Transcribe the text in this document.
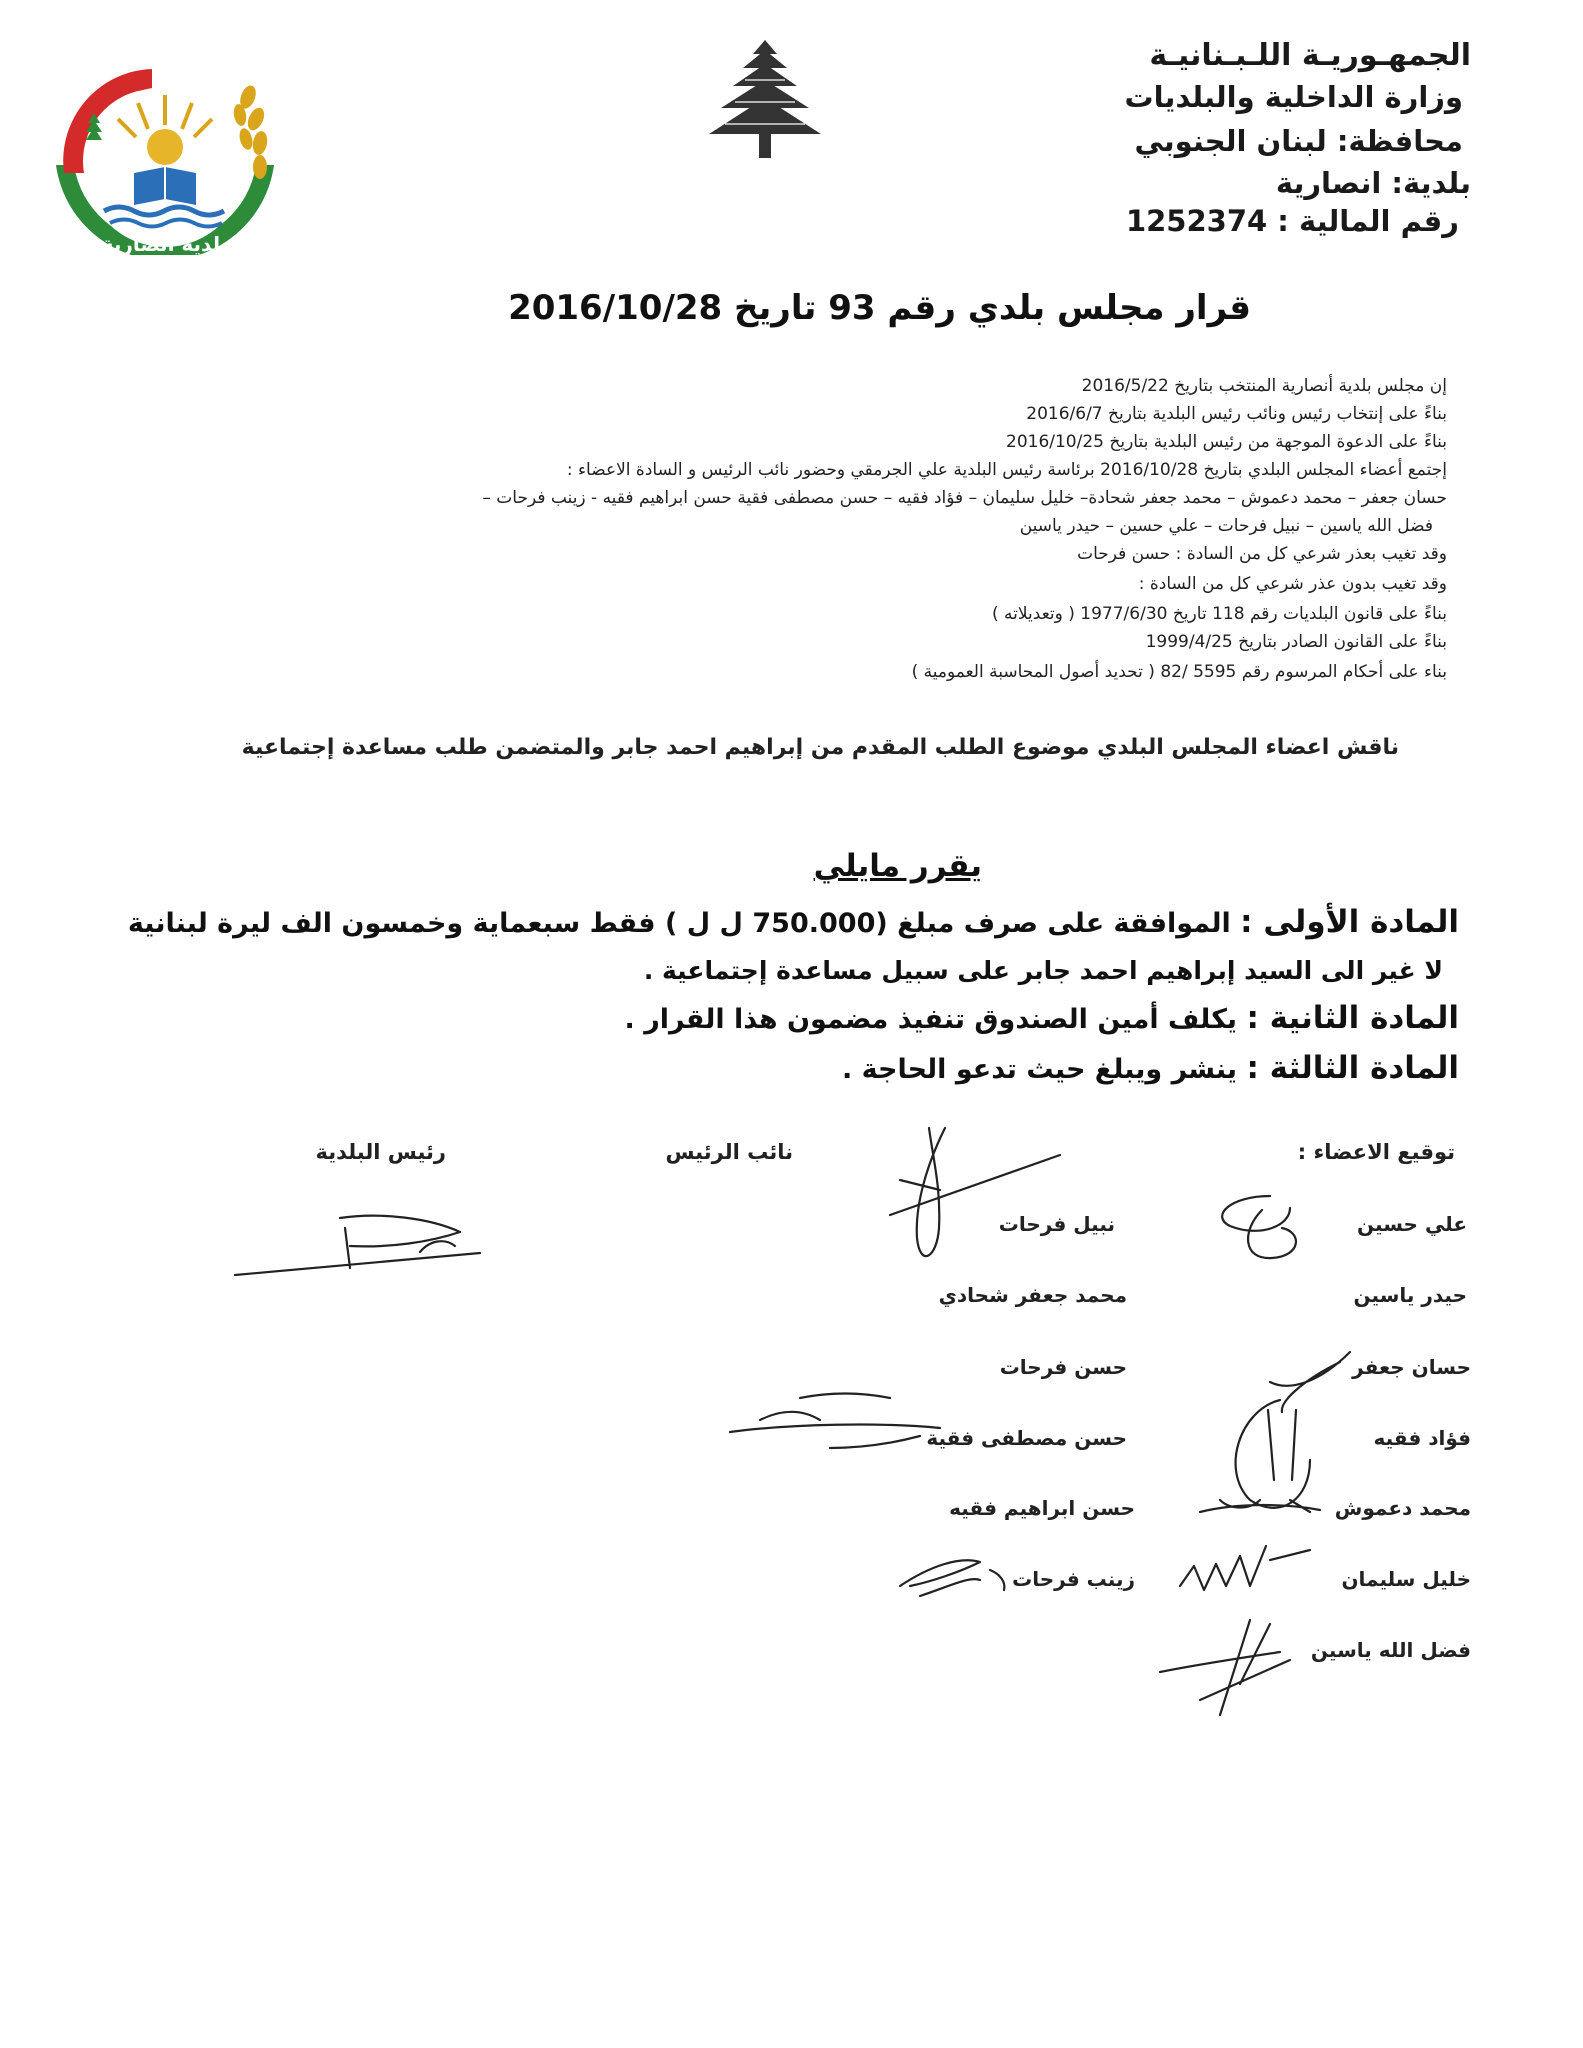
بلدية أنصارية
الجمهـوريـة اللـبـنانيـة
وزارة الداخلية والبلديات
محافظة: لبنان الجنوبي
بلدية: انصارية
رقم المالية : 1252374
قرار مجلس بلدي رقم 93 تاريخ 2016/10/28
إن مجلس بلدية أنصارية المنتخب بتاريخ 2016/5/22
بناءً على إنتخاب رئيس ونائب رئيس البلدية بتاريخ 2016/6/7
بناءً على الدعوة الموجهة من رئيس البلدية بتاريخ 2016/10/25
إجتمع أعضاء المجلس البلدي بتاريخ 2016/10/28 برئاسة رئيس البلدية علي الجرمقي وحضور نائب الرئيس و السادة الاعضاء :
حسان جعفر – محمد دعموش – محمد جعفر شحادة– خليل سليمان – فؤاد فقيه – حسن مصطفى فقية حسن ابراهيم فقيه - زينب فرحات –
فضل الله ياسين – نبيل فرحات – علي حسين – حيدر ياسين
وقد تغيب بعذر شرعي كل من السادة : حسن فرحات
وقد تغيب بدون عذر شرعي كل من السادة :
بناءً على قانون البلديات رقم 118 تاريخ 1977/6/30 ( وتعديلاته )
بناءً على القانون الصادر بتاريخ 1999/4/25
بناء على أحكام المرسوم رقم 5595 /82 ( تحديد أصول المحاسبة العمومية )
ناقش اعضاء المجلس البلدي موضوع الطلب المقدم من إبراهيم احمد جابر والمتضمن طلب مساعدة إجتماعية
يقرر مايلي
المادة الأولى : الموافقة على صرف مبلغ (750.000 ل ل ) فقط سبعماية وخمسون الف ليرة لبنانية
لا غير الى السيد إبراهيم احمد جابر على سبيل مساعدة إجتماعية .
المادة الثانية : يكلف أمين الصندوق تنفيذ مضمون هذا القرار .
المادة الثالثة : ينشر ويبلغ حيث تدعو الحاجة .
توقيع الاعضاء :
نائب الرئيس
رئيس البلدية
علي حسين
حيدر ياسين
حسان جعفر
فؤاد فقيه
محمد دعموش
خليل سليمان
فضل الله ياسين
نبيل فرحات
محمد جعفر شحادي
حسن فرحات
حسن مصطفى فقية
حسن ابراهيم فقيه
زينب فرحات
